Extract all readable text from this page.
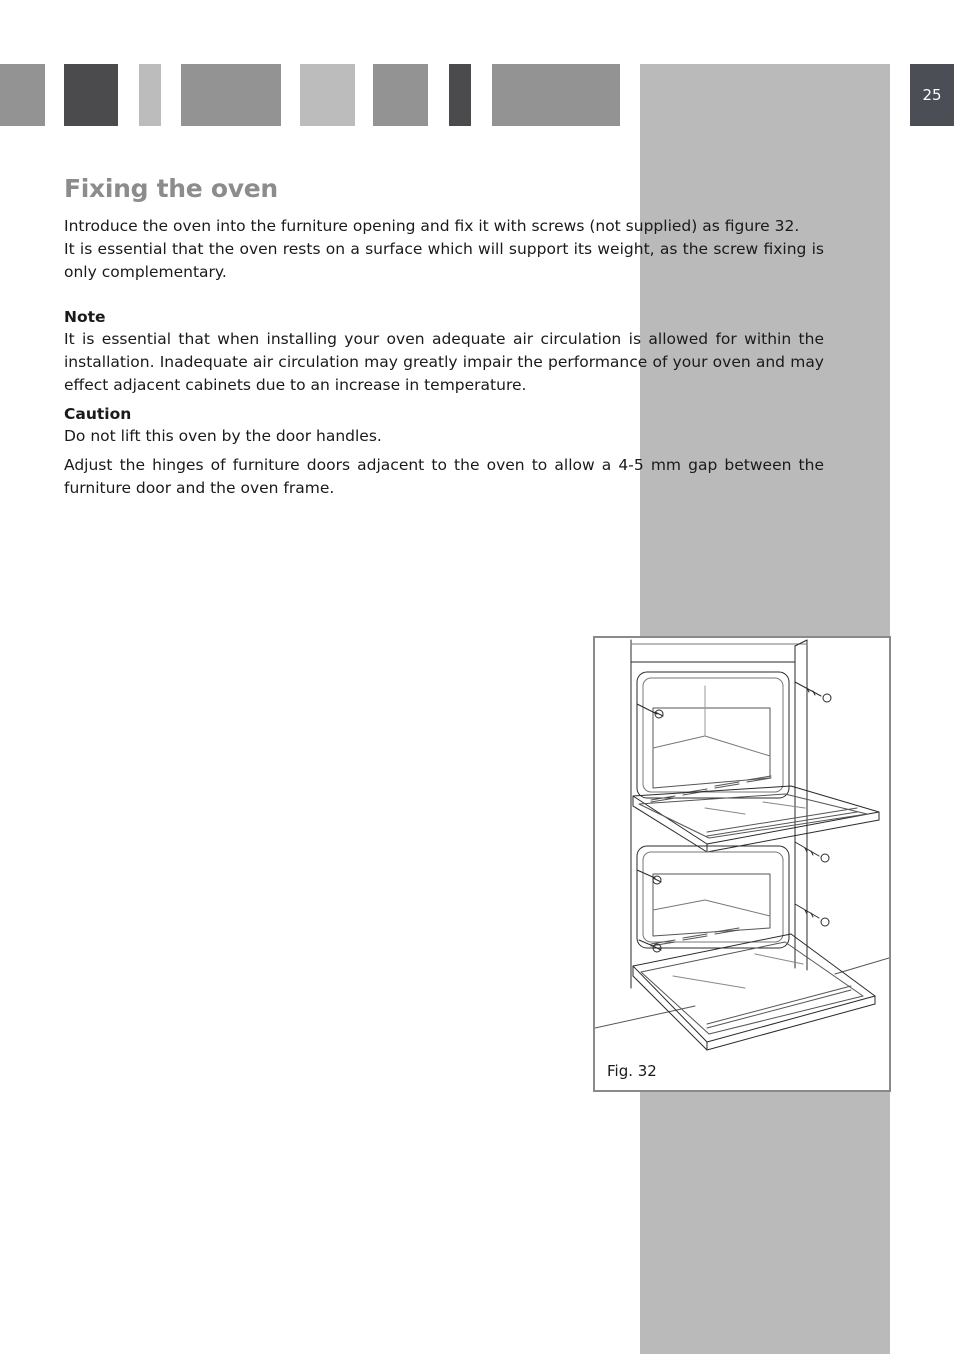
25
Fixing the oven

Introduce the oven into the furniture opening and fix it with screws (not supplied) as figure 32.

It is essential that the oven rests on a surface which will support its weight, as the screw fixing is only complementary.

Note

It is essential that when installing your oven adequate air circulation is allowed for within the installation. Inadequate air circulation may greatly impair the performance of your oven and may effect adjacent cabinets due to an increase in temperature.

Caution

Do not lift this oven by the door handles.

Adjust the hinges of furniture doors adjacent to the oven to allow a 4-5 mm gap between the furniture door and the oven frame.

Fig. 32
